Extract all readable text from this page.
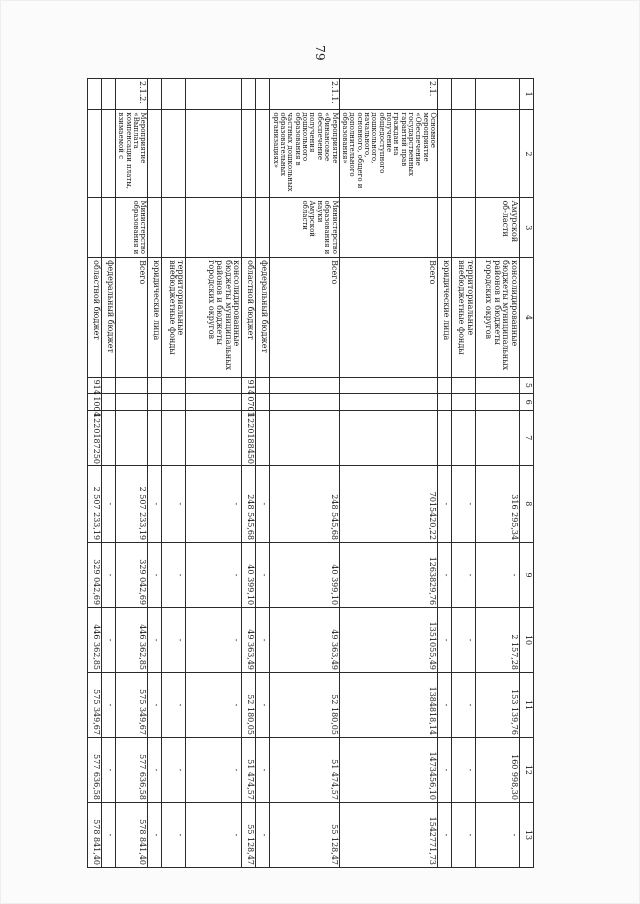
79
1	2	3	4	5	6	7	8	9	10	11	12	13
		Амурской об-ласти	консолидированные бюджеты муниципальных районов и бюджеты городских округов				316 295,34	-	2 157,28	153 139,76	160 998,30	-
			территориальные внебюджетные фонды				-	-	-	-	-	-
			юридические лица				-	-	-	-	-	-
2.1.	Основное мероприятие «Обеспечение государственных гарантий прав граждан на получение общедоступного дошкольного, начального, основного, общего и дополнительного образования»		Всего				7015420,22	1263829,76	1351055,49	1384818,14	1473456,10	1542771,73
2.1.1.	Мероприятие «Финансовое обеспечение получения дошкольного образования в частных дошкольных образовательных организациях»	Министерство образования и науки Амурской области	Всего				248 545,68	40 399,10	49 363,49	52 180,05	51 474,57	55 128,47
			федеральный бюджет				-	-	-	-	-	-
			областной бюджет	914	0701	1220188450	248 545,68	40 399,10	49 363,49	52 180,05	51 474,57	55 128,47
			консолидированные бюджеты муниципальных районов и бюджеты городских округов				-	-	-	-	-	-
			территориальные внебюджетные фонды				-	-	-	-	-	-
			юридические лица				-	-	-	-	-	-
2.1.2.	Мероприятие «Выплата компенсации платы, взимаемой с	Министерство образования и	Всего				2 507 233,19	329 042,69	446 362,85	575 349,67	577 636,58	578 841,40
			федеральный бюджет				-	-	-	-	-	-
			областной бюджет	914	1004	1220187250	2 507 233,19	329 042,69	446 362,85	575 349,67	577 636,58	578 841,40
